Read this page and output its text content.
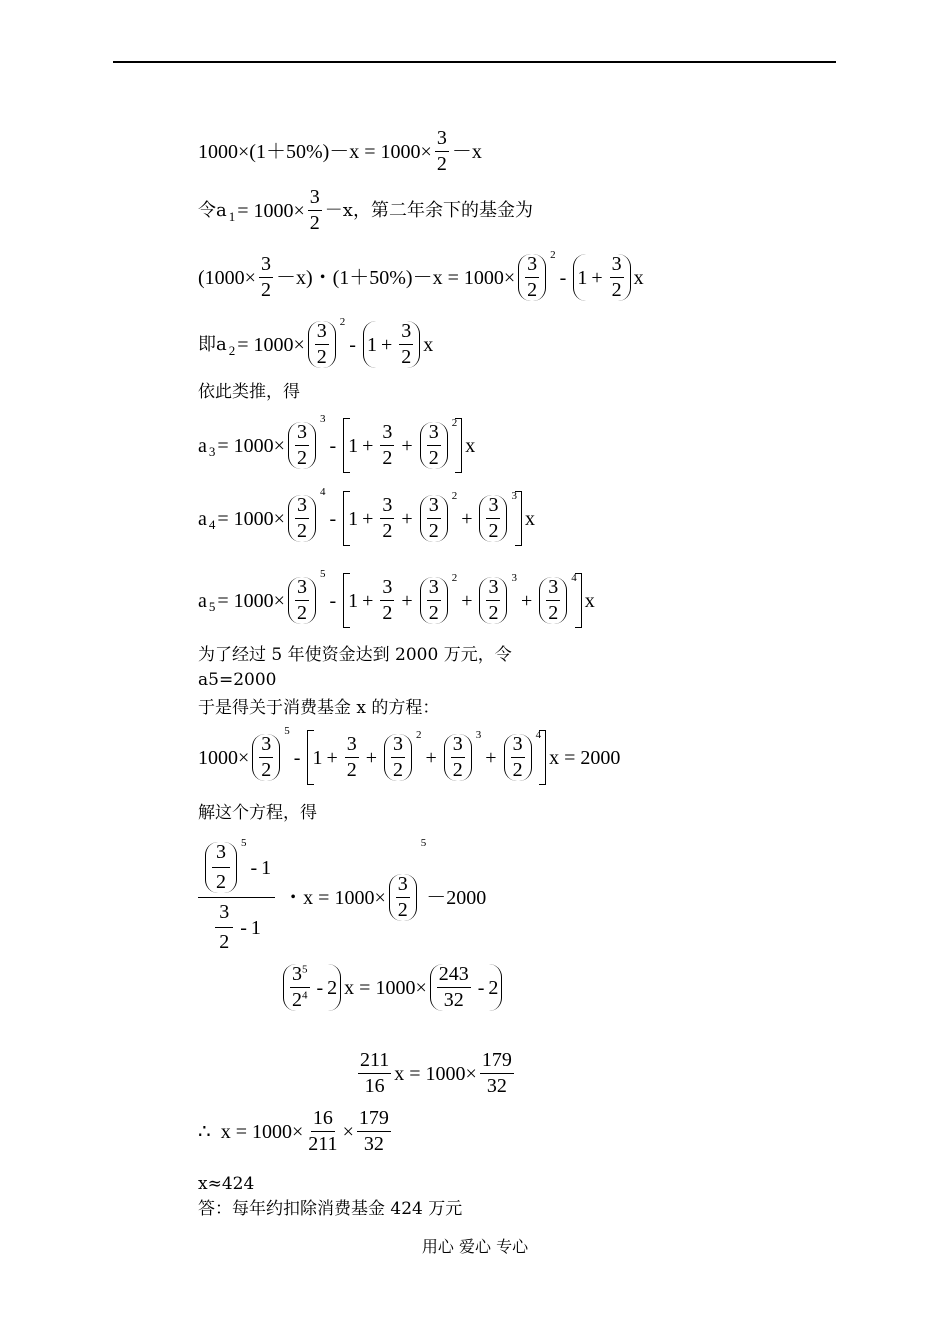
$1000\times(1+50\%)-x = 1000\times \frac{3}{2} -x$
令a $1 = 1000\times \frac{3}{2} -x$，第二年余下的基金为
$(1000\times \frac{3}{2} -x)$・$(1+50\%)-x = 1000\times \frac{3}{2} 2$
- $1 + \frac{3}{2}$ x
即a $2 = 1000\times \frac{3}{2} 2$
- $1 + \frac{3}{2}$ x
依此类推，得
a $3 = 1000\times \frac{3}{2}$
3
- $1 + \frac{3}{2} + \frac{3}{2} 2$
x
a $4 = 1000\times \frac{3}{2}$
4
- $1 + \frac{3}{2} + \frac{3}{2} 2$
+ $\frac{3}{2} 3$
x
a $5 = 1000\times \frac{3}{2}$
5
- $1 + \frac{3}{2} + \frac{3}{2} 2$
+ $\frac{3}{2} 3$
+ $\frac{3}{2} 4$
x
为了经过 5 年使资金达到 2000 万元，令
a5=2000
于是得关于消费基金 x 的方程：
$1000\times \frac{3}{2}$
5
- $1 + \frac{3}{2} + \frac{3}{2} 2$
+ $\frac{3}{2} 3$
+ $\frac{3}{2} 4$
x = 2000
解这个方程，得
$\frac{3}{2} 5$
- 1
$\frac{3}{2} - 1$ ・$x = 1000\times \frac{3}{2}$
5
－2000
$\frac{3^5}{2^4} - 2$ $x = 1000\times \frac{243}{32} - 2$
$\frac{211}{16}$ $x = 1000\times \frac{179}{32}$
∴ $x = 1000\times \frac{16}{211} \times \frac{179}{32}$
x≈424
答：每年约扣除消费基金 424 万元
用心 爱心 专心
